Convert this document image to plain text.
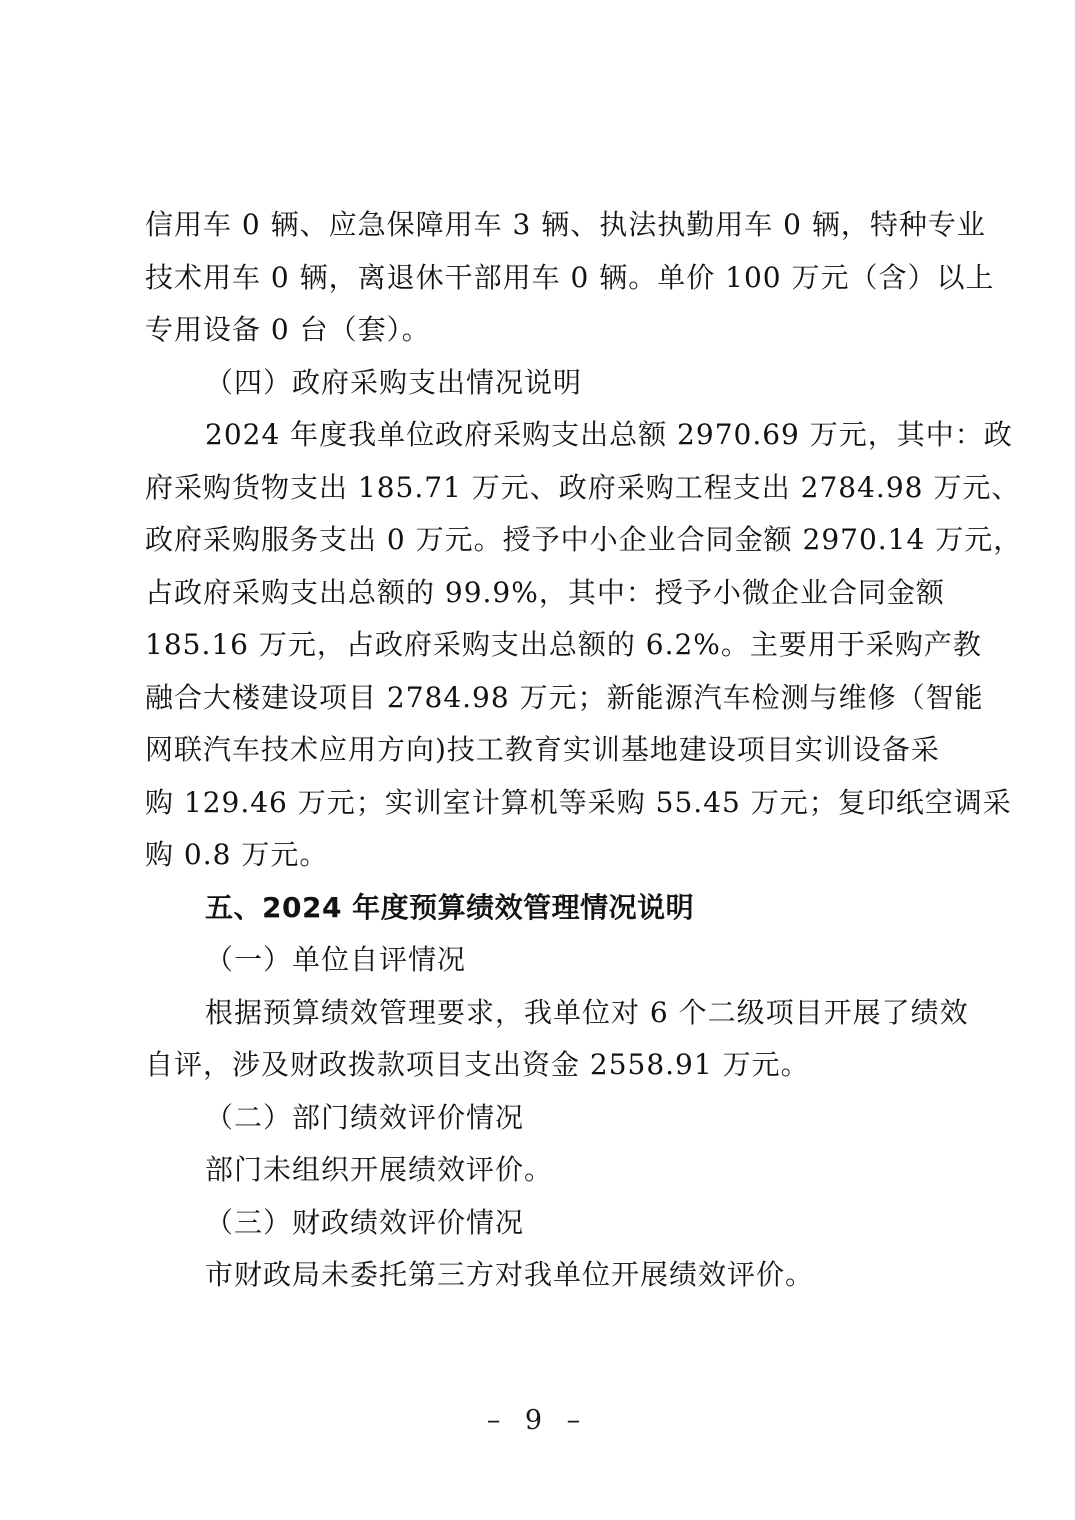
信用车 0 辆、应急保障用车 3 辆、执法执勤用车 0 辆，特种专业
技术用车 0 辆，离退休干部用车 0 辆。单价 100 万元（含）以上
专用设备 0 台（套）。
（四）政府采购支出情况说明
2024 年度我单位政府采购支出总额 2970.69 万元，其中：政
府采购货物支出 185.71 万元、政府采购工程支出 2784.98 万元、
政府采购服务支出 0 万元。授予中小企业合同金额 2970.14 万元，
占政府采购支出总额的 99.9%，其中：授予小微企业合同金额
185.16 万元，占政府采购支出总额的 6.2%。主要用于采购产教
融合大楼建设项目 2784.98 万元；新能源汽车检测与维修（智能
网联汽车技术应用方向)技工教育实训基地建设项目实训设备采
购 129.46 万元；实训室计算机等采购 55.45 万元；复印纸空调采
购 0.8 万元。
五、2024 年度预算绩效管理情况说明
（一）单位自评情况
根据预算绩效管理要求，我单位对 6 个二级项目开展了绩效
自评，涉及财政拨款项目支出资金 2558.91 万元。
（二）部门绩效评价情况
部门未组织开展绩效评价。
（三）财政绩效评价情况
市财政局未委托第三方对我单位开展绩效评价。
– 9 –
